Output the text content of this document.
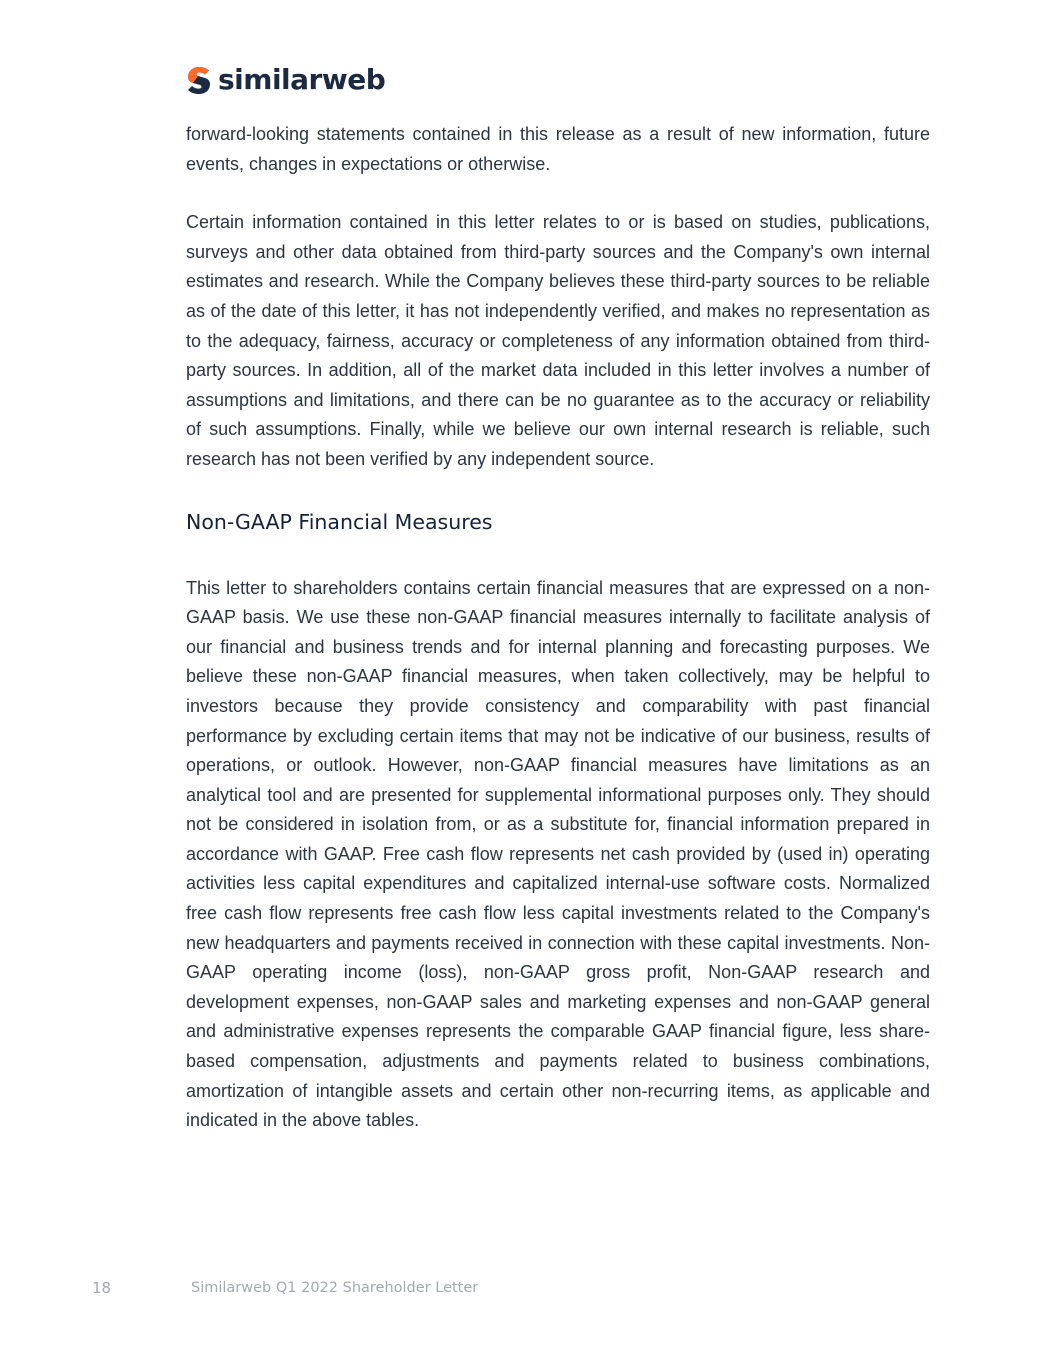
similarweb

forward-looking statements contained in this release as a result of new information, future events, changes in expectations or otherwise.

Certain information contained in this letter relates to or is based on studies, publications, surveys and other data obtained from third-party sources and the Company's own internal estimates and research. While the Company believes these third-party sources to be reliable as of the date of this letter, it has not independently verified, and makes no representation as to the adequacy, fairness, accuracy or completeness of any information obtained from third-party sources. In addition, all of the market data included in this letter involves a number of assumptions and limitations, and there can be no guarantee as to the accuracy or reliability of such assumptions. Finally, while we believe our own internal research is reliable, such research has not been verified by any independent source.

Non-GAAP Financial Measures

This letter to shareholders contains certain financial measures that are expressed on a non-GAAP basis. We use these non-GAAP financial measures internally to facilitate analysis of our financial and business trends and for internal planning and forecasting purposes. We believe these non-GAAP financial measures, when taken collectively, may be helpful to investors because they provide consistency and comparability with past financial performance by excluding certain items that may not be indicative of our business, results of operations, or outlook. However, non-GAAP financial measures have limitations as an analytical tool and are presented for supplemental informational purposes only. They should not be considered in isolation from, or as a substitute for, financial information prepared in accordance with GAAP. Free cash flow represents net cash provided by (used in) operating activities less capital expenditures and capitalized internal-use software costs. Normalized free cash flow represents free cash flow less capital investments related to the Company's new headquarters and payments received in connection with these capital investments. Non-GAAP operating income (loss), non-GAAP gross profit, Non-GAAP research and development expenses, non-GAAP sales and marketing expenses and non-GAAP general and administrative expenses represents the comparable GAAP financial figure, less share-based compensation, adjustments and payments related to business combinations, amortization of intangible assets and certain other non-recurring items, as applicable and indicated in the above tables.

18	Similarweb Q1 2022 Shareholder Letter
